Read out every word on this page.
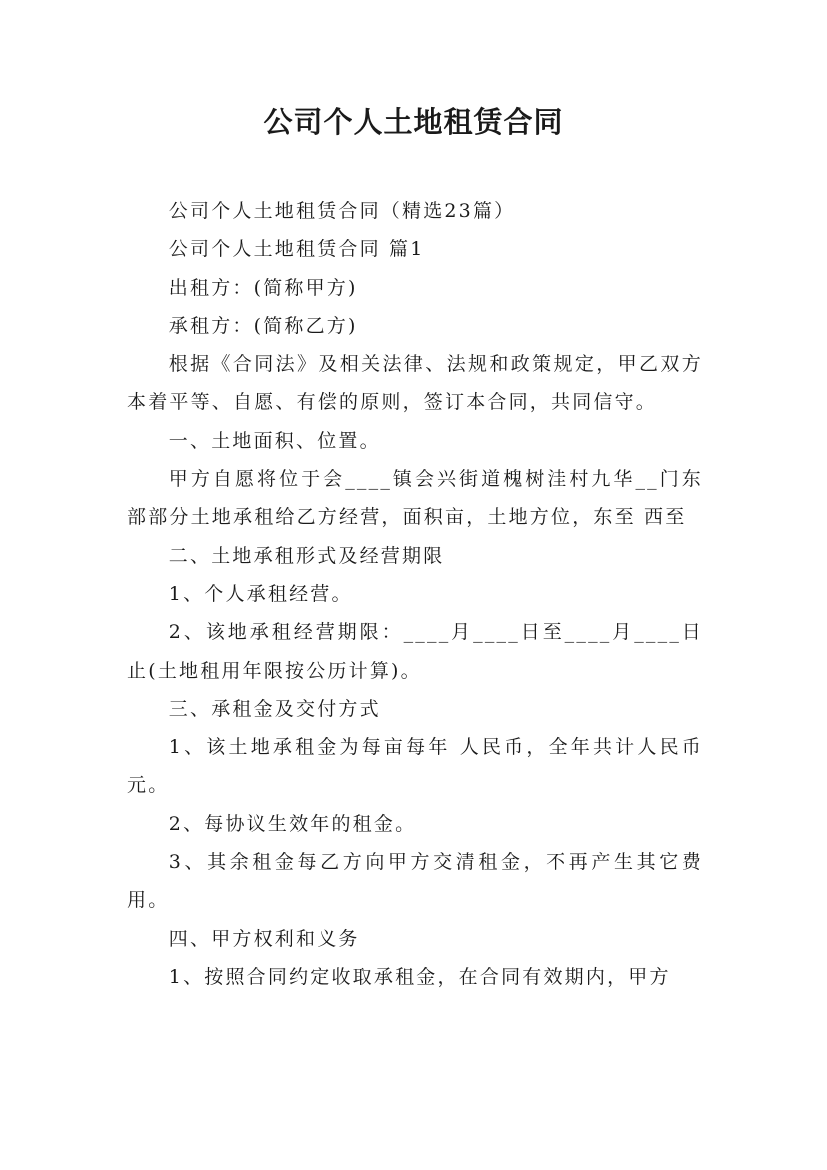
公司个人土地租赁合同

公司个人土地租赁合同（精选23篇）

公司个人土地租赁合同 篇1

出租方：(简称甲方)

承租方：(简称乙方)

根据《合同法》及相关法律、法规和政策规定，甲乙双方本着平等、自愿、有偿的原则，签订本合同，共同信守。

一、土地面积、位置。

甲方自愿将位于会____镇会兴街道槐树洼村九华__门东部部分土地承租给乙方经营，面积亩，土地方位，东至 西至

二、土地承租形式及经营期限

1、个人承租经营。

2、该地承租经营期限：____月____日至____月____日止(土地租用年限按公历计算)。

三、承租金及交付方式

1、该土地承租金为每亩每年 人民币，全年共计人民币元。

2、每协议生效年的租金。

3、其余租金每乙方向甲方交清租金，不再产生其它费用。

四、甲方权利和义务

1、按照合同约定收取承租金，在合同有效期内，甲方
